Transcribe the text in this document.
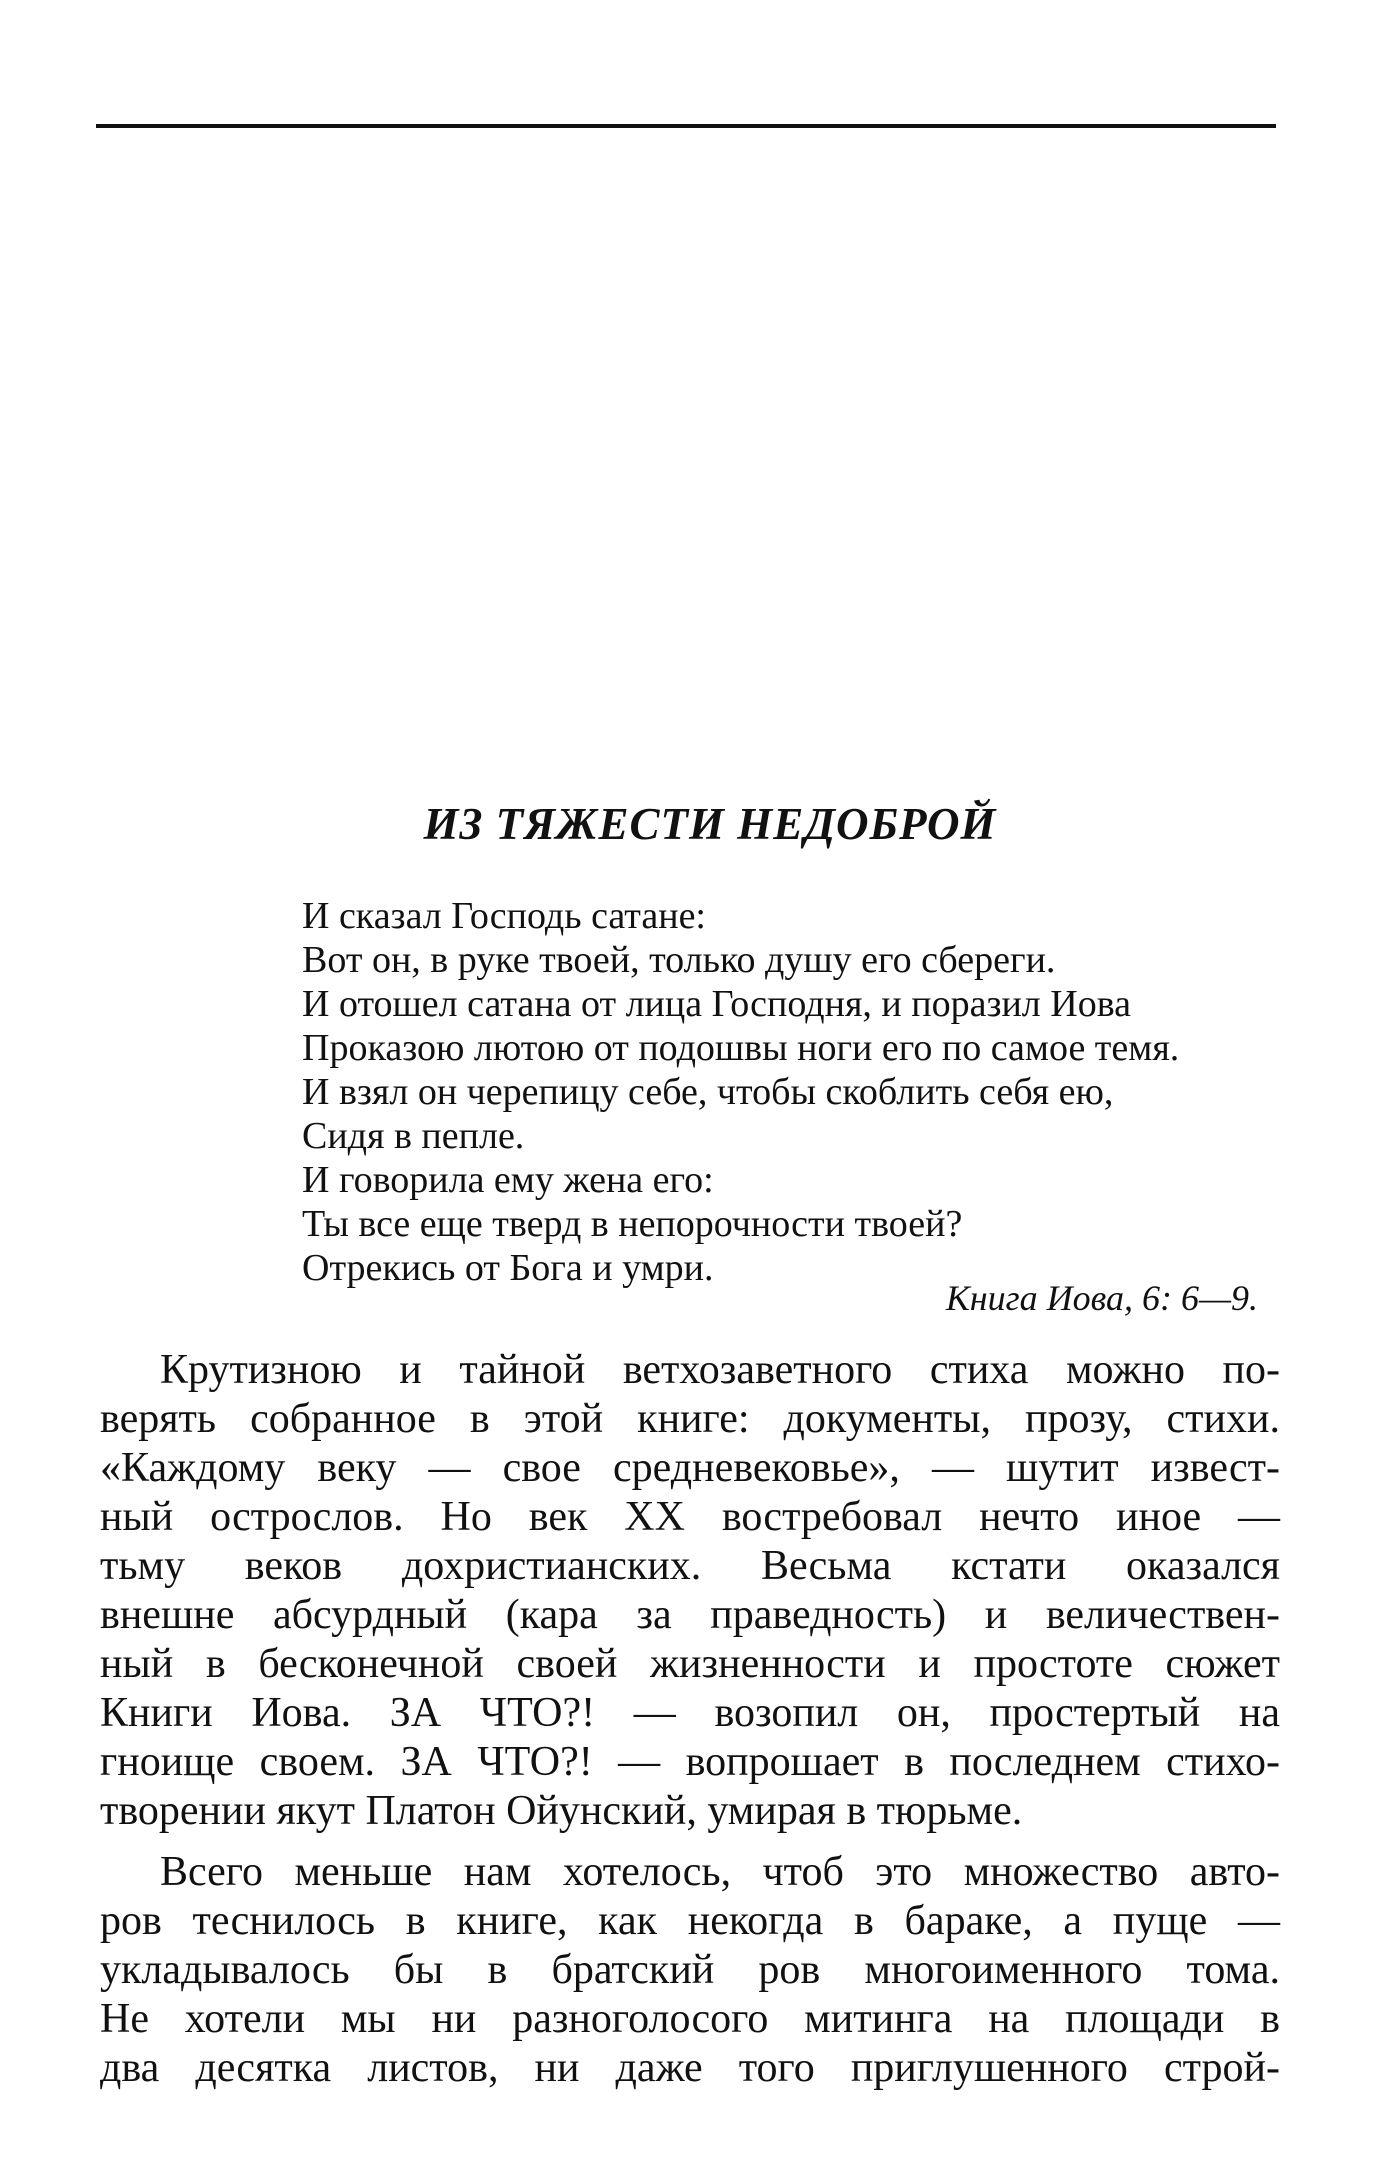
ИЗ ТЯЖЕСТИ НЕДОБРОЙ
И сказал Господь сатане:
Вот он, в руке твоей, только душу его сбереги.
И отошел сатана от лица Господня, и поразил Иова
Проказою лютою от подошвы ноги его по самое темя.
И взял он черепицу себе, чтобы скоблить себя ею,
Сидя в пепле.
И говорила ему жена его:
Ты все еще тверд в непорочности твоей?
Отрекись от Бога и умри.

Книга Иова, 6: 6—9.

Крутизною и тайной ветхозаветного стиха можно по-
верять собранное в этой книге: документы, прозу, стихи.
«Каждому веку — свое средневековье», — шутит извест-
ный острослов. Но век XX востребовал нечто иное —
тьму веков дохристианских. Весьма кстати оказался
внешне абсурдный (кара за праведность) и величествен-
ный в бесконечной своей жизненности и простоте сюжет
Книги Иова. ЗА ЧТО?! — возопил он, простертый на
гноище своем. ЗА ЧТО?! — вопрошает в последнем стихо-
творении якут Платон Ойунский, умирая в тюрьме.
Всего меньше нам хотелось, чтоб это множество авто-
ров теснилось в книге, как некогда в бараке, а пуще —
укладывалось бы в братский ров многоименного тома.
Не хотели мы ни разноголосого митинга на площади в
два десятка листов, ни даже того приглушенного строй-
